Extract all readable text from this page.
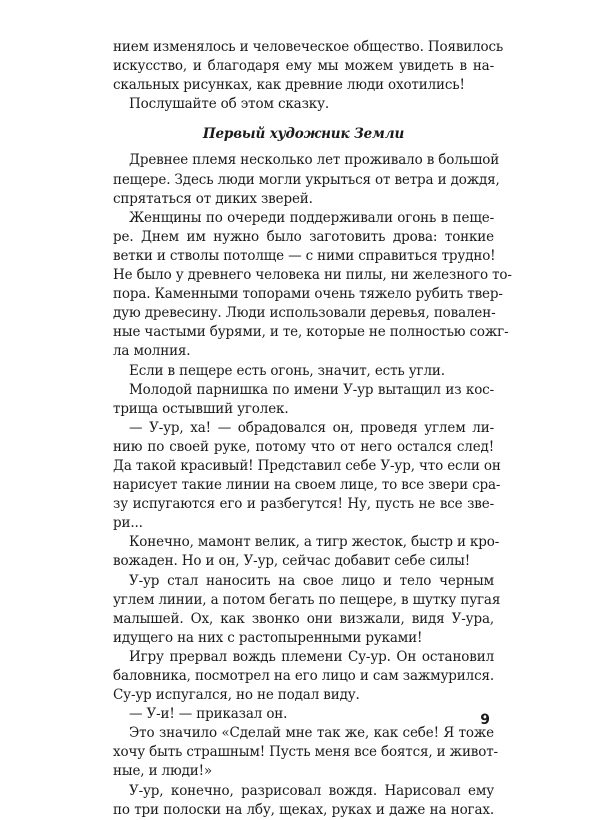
нием изменялось и человеческое общество. Появилось
искусство, и благодаря ему мы можем увидеть в на-
скальных рисунках, как древние люди охотились!
Послушайте об этом сказку.
Первый художник Земли
Древнее племя несколько лет проживало в большой
пещере. Здесь люди могли укрыться от ветра и дождя,
спрятаться от диких зверей.
Женщины по очереди поддерживали огонь в пеще-
ре. Днем им нужно было заготовить дрова: тонкие
ветки и стволы потолще — с ними справиться трудно!
Не было у древнего человека ни пилы, ни железного то-
пора. Каменными топорами очень тяжело рубить твер-
дую древесину. Люди использовали деревья, повален-
ные частыми бурями, и те, которые не полностью сожг-
ла молния.
Если в пещере есть огонь, значит, есть угли.
Молодой парнишка по имени У-ур вытащил из кос-
трища остывший уголек.
— У-ур, ха! — обрадовался он, проведя углем ли-
нию по своей руке, потому что от него остался след!
Да такой красивый! Представил себе У-ур, что если он
нарисует такие линии на своем лице, то все звери сра-
зу испугаются его и разбегутся! Ну, пусть не все зве-
ри...
Конечно, мамонт велик, а тигр жесток, быстр и кро-
вожаден. Но и он, У-ур, сейчас добавит себе силы!
У-ур стал наносить на свое лицо и тело черным
углем линии, а потом бегать по пещере, в шутку пугая
малышей. Ох, как звонко они визжали, видя У-ура,
идущего на них с растопыренными руками!
Игру прервал вождь племени Су-ур. Он остановил
баловника, посмотрел на его лицо и сам зажмурился.
Су-ур испугался, но не подал виду.
— У-и! — приказал он.
Это значило «Сделай мне так же, как себе! Я тоже
хочу быть страшным! Пусть меня все боятся, и живот-
ные, и люди!»
У-ур, конечно, разрисовал вождя. Нарисовал ему
по три полоски на лбу, щеках, руках и даже на ногах.
9
